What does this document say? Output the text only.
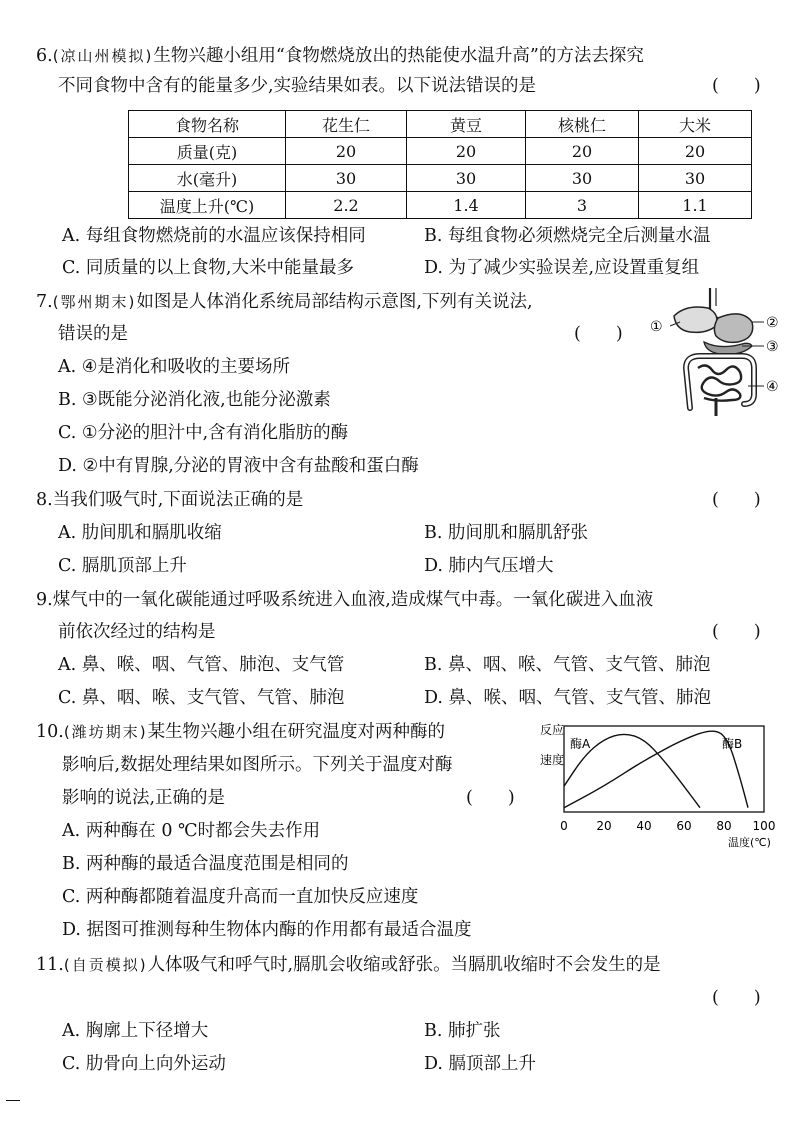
6.(凉山州模拟)生物兴趣小组用“食物燃烧放出的热能使水温升高”的方法去探究
不同食物中含有的能量多少,实验结果如表。以下说法错误的是	(　　)
食物名称	花生仁	黄豆	核桃仁	大米
质量(克)	20	20	20	20
水(毫升)	30	30	30	30
温度上升(℃)	2.2	1.4	3	1.1
A. 每组食物燃烧前的水温应该保持相同	B. 每组食物必须燃烧完全后测量水温
C. 同质量的以上食物,大米中能量最多	D. 为了减少实验误差,应设置重复组
7.(鄂州期末)如图是人体消化系统局部结构示意图,下列有关说法,
错误的是	(　　)
A. ④是消化和吸收的主要场所
B. ③既能分泌消化液,也能分泌激素
C. ①分泌的胆汁中,含有消化脂肪的酶
D. ②中有胃腺,分泌的胃液中含有盐酸和蛋白酶
①	②
③
④
8.当我们吸气时,下面说法正确的是	(　　)
A. 肋间肌和膈肌收缩	B. 肋间肌和膈肌舒张
C. 膈肌顶部上升	D. 肺内气压增大
9.煤气中的一氧化碳能通过呼吸系统进入血液,造成煤气中毒。一氧化碳进入血液
前依次经过的结构是	(　　)
A. 鼻、喉、咽、气管、肺泡、支气管	B. 鼻、咽、喉、气管、支气管、肺泡
C. 鼻、咽、喉、支气管、气管、肺泡	D. 鼻、喉、咽、气管、支气管、肺泡
10.(潍坊期末)某生物兴趣小组在研究温度对两种酶的
影响后,数据处理结果如图所示。下列关于温度对酶
影响的说法,正确的是	(　　)
A. 两种酶在 0 ℃时都会失去作用
B. 两种酶的最适合温度范围是相同的
C. 两种酶都随着温度升高而一直加快反应速度
D. 据图可推测每种生物体内酶的作用都有最适合温度
反应
速度
0 20 40 60 80 100
酶A	酶B
温度(℃)
11.(自贡模拟)人体吸气和呼气时,膈肌会收缩或舒张。当膈肌收缩时不会发生的是
(　　)
A. 胸廓上下径增大	B. 肺扩张
C. 肋骨向上向外运动	D. 膈顶部上升
